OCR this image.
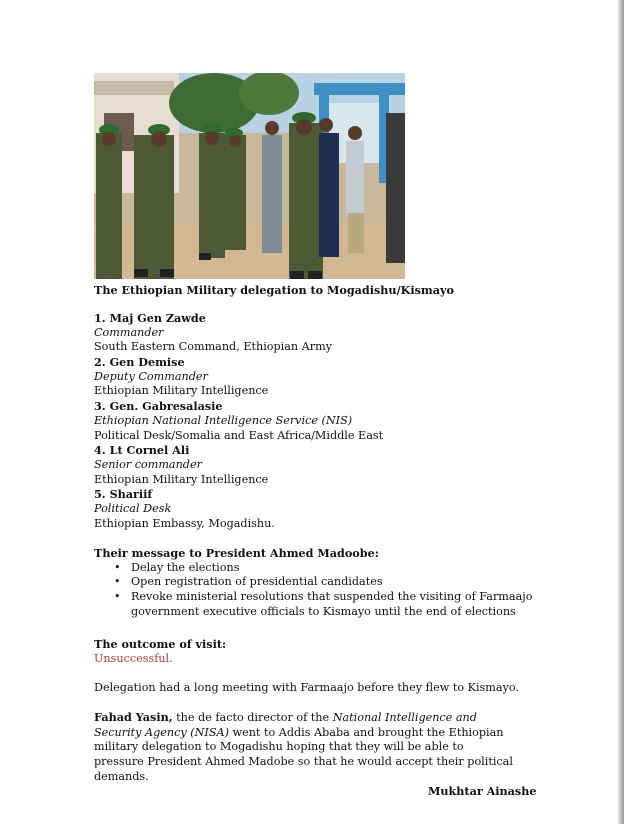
The Ethiopian Military delegation to Mogadishu/Kismayo
1. Maj Gen Zawde
Commander
South Eastern Command, Ethiopian Army
2. Gen Demise
Deputy Commander
Ethiopian Military Intelligence
3. Gen. Gabresalasie
Ethiopian National Intelligence Service (NIS)
Political Desk/Somalia and East Africa/Middle East
4. Lt Cornel Ali
Senior commander
Ethiopian Military Intelligence
5. Shariif
Political Desk
Ethiopian Embassy, Mogadishu.
Their message to President Ahmed Madoobe:
• Delay the elections
• Open registration of presidential candidates
• Revoke ministerial resolutions that suspended the visiting of Farmaajo
government executive officials to Kismayo until the end of elections
The outcome of visit:
Unsuccessful.
Delegation had a long meeting with Farmaajo before they flew to Kismayo.
Fahad Yasin, the de facto director of the National Intelligence and Security Agency (NISA) went to Addis Ababa and brought the Ethiopian military delegation to Mogadishu hoping that they will be able to pressure President Ahmed Madobe so that he would accept their political demands.
Mukhtar Ainashe
